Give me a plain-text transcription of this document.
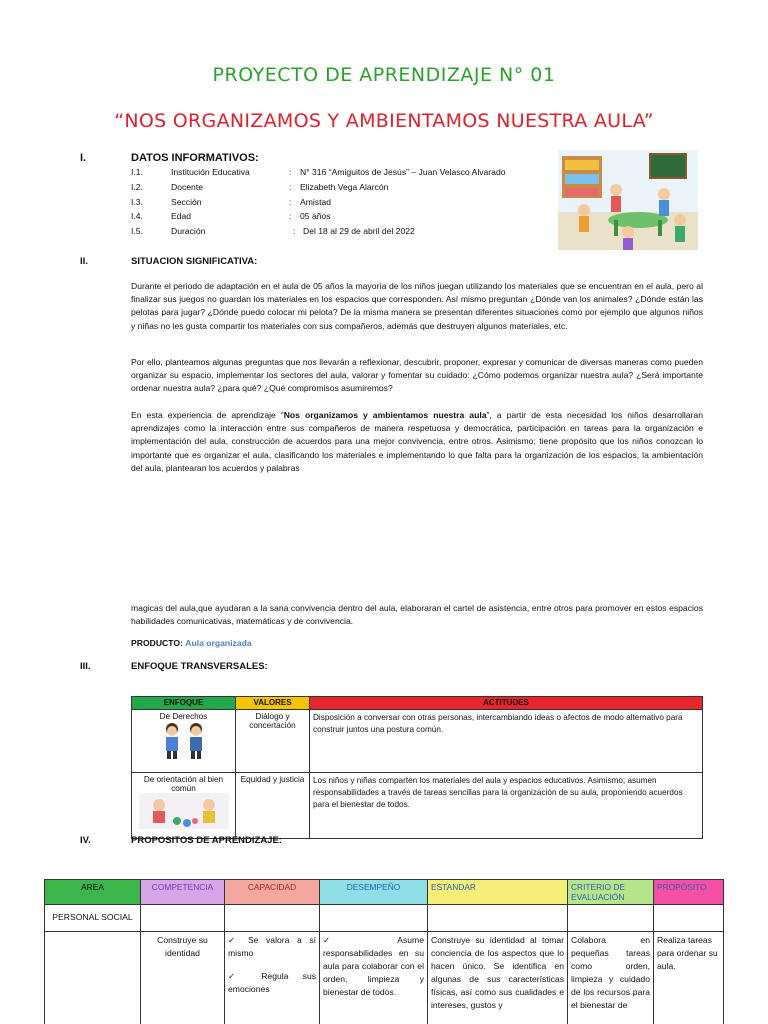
PROYECTO DE APRENDIZAJE N° 01
“NOS ORGANIZAMOS Y AMBIENTAMOS NUESTRA AULA”
I.	DATOS INFORMATIVOS:
I.1.	Institución Educativa	: N° 316 “Amiguitos de Jesús” – Juan Velasco Alvarado
I.2.	Docente	: Elizabeth Vega Alarcón
I.3.	Sección	: Amistad
I.4.	Edad	: 05 años
I.5.	Duración	: Del 18 al 29 de abril del 2022
II.	SITUACION SIGNIFICATIVA:

Durante el periodo de adaptación en el aula de 05 años la mayoría de los niños juegan utilizando los materiales que se encuentran en el aula, pero al finalizar sus juegos no guardan los materiales en los espacios que corresponden. Así mismo preguntan ¿Dónde van los animales? ¿Dónde están las pelotas para jugar? ¿Dónde puedo colocar mi pelota? De la misma manera se presentan diferentes situaciones como por ejemplo que algunos niños y niñas no les gusta compartir los materiales con sus compañeros, además que destruyen algunos materiales, etc.

Por ello, planteamos algunas preguntas que nos llevarán a reflexionar, descubrir, proponer, expresar y comunicar de diversas maneras como pueden organizar su espacio, implementar los sectores del aula, valorar y fomentar su cuidado: ¿Cómo podemos organizar nuestra aula? ¿Será importante ordenar nuestra aula? ¿para qué? ¿Qué compromisos asumiremos?

En esta experiencia de aprendizaje “Nos organizamos y ambientamos nuestra aula”, a partir de esta necesidad los niños desarrollaran aprendizajes como la interacción entre sus compañeros de manera respetuosa y democrática, participación en tareas para la organización e implementación del aula, construcción de acuerdos para una mejor convivencia, entre otros. Asimismo; tiene propósito que los niños conozcan lo importante que es organizar el aula, clasificando los materiales e implementando lo que falta para la organización de los espacios, la ambientación del aula, plantearan los acuerdos y palabras

magicas del aula,que ayudaran a la sana convivencia dentro del aula, elaboraran el cartel de asistencia, entre otros para promover en estos espacios habilidades comunicativas, matemáticas y de convivencia.

PRODUCTO: Aula organizada
III.	ENFOQUE TRANSVERSALES:
ENFOQUE	VALORES	ACTITUDES

De Derechos	Diálogo y concertación	Disposición a conversar con otras personas, intercambiando ideas o afectos de modo alternativo para construir juntos una postura común.

De orientación al bien común	Equidad y justicia	Los niños y niñas comparten los materiales del aula y espacios educativos. Asimismo; asumen responsabilidades a través de tareas sencillas para la organización de su aula, proponiendo acuerdos para el bienestar de todos.
IV.	PROPOSITOS DE APRENDIZAJE:
AREA	COMPETENCIA	CAPACIDAD	DESEMPEÑO	ESTANDAR	CRITERIO DE EVALUACIÓN	PROPÓSITO
PERSONAL SOCIAL						
	Construye su identidad	✓ Se valora a sí mismo
✓ Regula sus emociones	✓ Asume responsabilidades en su aula para colaborar con el orden, limpieza y bienestar de todos.	Construye su identidad al tomar conciencia de los aspectos que lo hacen único. Se identifica en algunas de sus características físicas, así como sus cualidades e intereses, gustos y	Colabora en pequeñas tareas como orden, limpieza y cuidado de los recursos para el bienestar de	Realiza tareas para ordenar su aula.
